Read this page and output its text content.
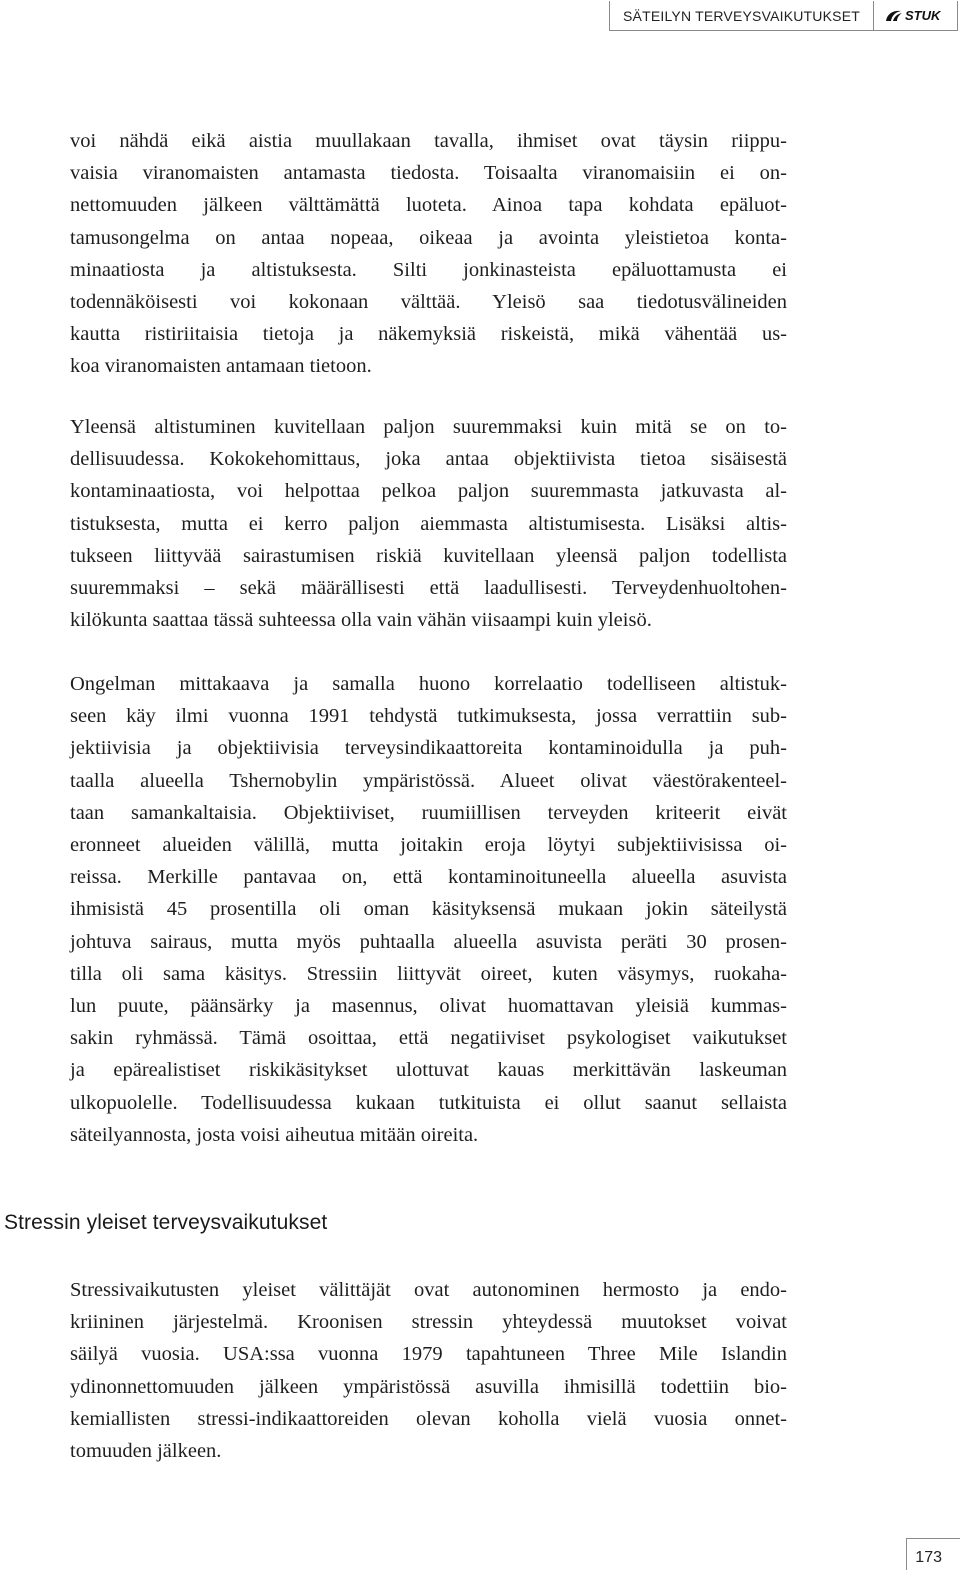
SÄTEILYN TERVEYSVAIKUTUKSET	STUK
voi nähdä eikä aistia muullakaan tavalla, ihmiset ovat täysin riippu-
vaisia viranomaisten antamasta tiedosta. Toisaalta viranomaisiin ei on-
nettomuuden jälkeen välttämättä luoteta. Ainoa tapa kohdata epäluot-
tamusongelma on antaa nopeaa, oikeaa ja avointa yleistietoa konta-
minaatiosta ja altistuksesta. Silti jonkinasteista epäluottamusta ei
todennäköisesti voi kokonaan välttää. Yleisö saa tiedotusvälineiden
kautta ristiriitaisia tietoja ja näkemyksiä riskeistä, mikä vähentää us-
koa viranomaisten antamaan tietoon.
Yleensä altistuminen kuvitellaan paljon suuremmaksi kuin mitä se on to-
dellisuudessa. Kokokehomittaus, joka antaa objektiivista tietoa sisäisestä
kontaminaatiosta, voi helpottaa pelkoa paljon suuremmasta jatkuvasta al-
tistuksesta, mutta ei kerro paljon aiemmasta altistumisesta. Lisäksi altis-
tukseen liittyvää sairastumisen riskiä kuvitellaan yleensä paljon todellista
suuremmaksi – sekä määrällisesti että laadullisesti. Terveydenhuoltohen-
kilökunta saattaa tässä suhteessa olla vain vähän viisaampi kuin yleisö.
Ongelman mittakaava ja samalla huono korrelaatio todelliseen altistuk-
seen käy ilmi vuonna 1991 tehdystä tutkimuksesta, jossa verrattiin sub-
jektiivisia ja objektiivisia terveysindikaattoreita kontaminoidulla ja puh-
taalla alueella Tshernobylin ympäristössä. Alueet olivat väestörakenteel-
taan samankaltaisia. Objektiiviset, ruumiillisen terveyden kriteerit eivät
eronneet alueiden välillä, mutta joitakin eroja löytyi subjektiivisissa oi-
reissa. Merkille pantavaa on, että kontaminoituneella alueella asuvista
ihmisistä 45 prosentilla oli oman käsityksensä mukaan jokin säteilystä
johtuva sairaus, mutta myös puhtaalla alueella asuvista peräti 30 prosen-
tilla oli sama käsitys. Stressiin liittyvät oireet, kuten väsymys, ruokaha-
lun puute, päänsärky ja masennus, olivat huomattavan yleisiä kummas-
sakin ryhmässä. Tämä osoittaa, että negatiiviset psykologiset vaikutukset
ja epärealistiset riskikäsitykset ulottuvat kauas merkittävän laskeuman
ulkopuolelle. Todellisuudessa kukaan tutkituista ei ollut saanut sellaista
säteilyannosta, josta voisi aiheutua mitään oireita.
Stressin yleiset terveysvaikutukset
Stressivaikutusten yleiset välittäjät ovat autonominen hermosto ja endo-
kriininen järjestelmä. Kroonisen stressin yhteydessä muutokset voivat
säilyä vuosia. USA:ssa vuonna 1979 tapahtuneen Three Mile Islandin
ydinonnettomuuden jälkeen ympäristössä asuvilla ihmisillä todettiin bio-
kemiallisten stressi-indikaattoreiden olevan koholla vielä vuosia onnet-
tomuuden jälkeen.
173
